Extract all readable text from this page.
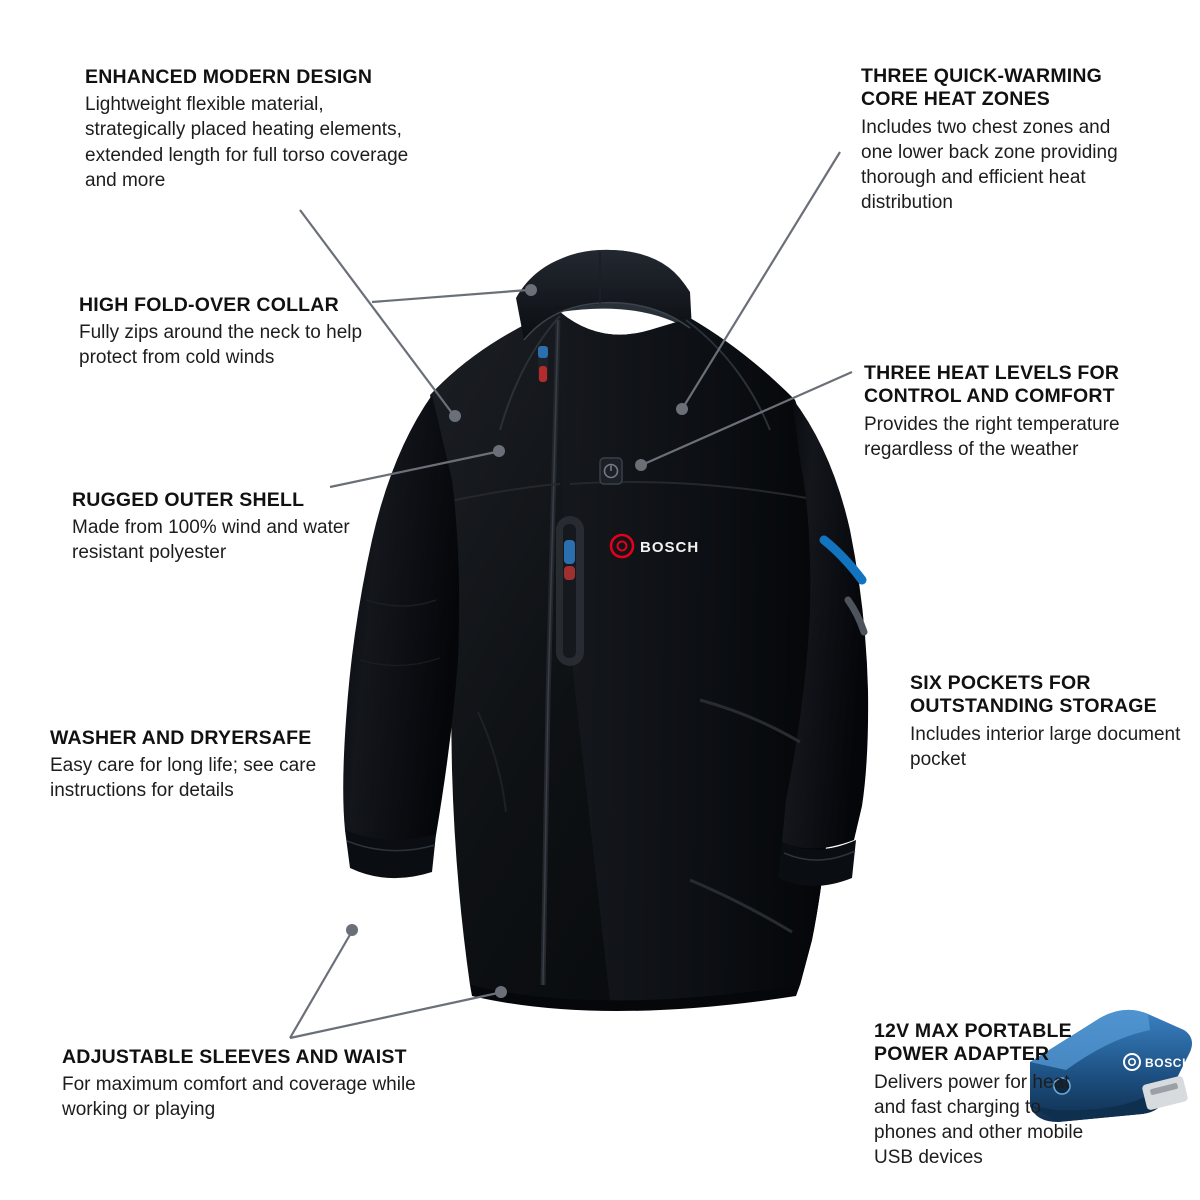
BOSCH
BOSCH
ENHANCED MODERN DESIGN
Lightweight flexible material, strategically placed heating elements, extended length for full torso coverage and more
HIGH FOLD-OVER COLLAR
Fully zips around the neck to help protect from cold winds
RUGGED OUTER SHELL
Made from 100% wind and water resistant polyester
WASHER AND DRYERSAFE
Easy care for long life; see care instructions for details
ADJUSTABLE SLEEVES AND WAIST
For maximum comfort and coverage while working or playing
THREE QUICK-WARMING CORE HEAT ZONES
Includes two chest zones and one lower back zone providing thorough and efficient heat distribution
THREE HEAT LEVELS FOR CONTROL AND COMFORT
Provides the right temperature regardless of the weather
SIX POCKETS FOR OUTSTANDING STORAGE
Includes interior large document pocket
12V MAX PORTABLE POWER ADAPTER
Delivers power for heat and fast charging to phones and other mobile USB devices
